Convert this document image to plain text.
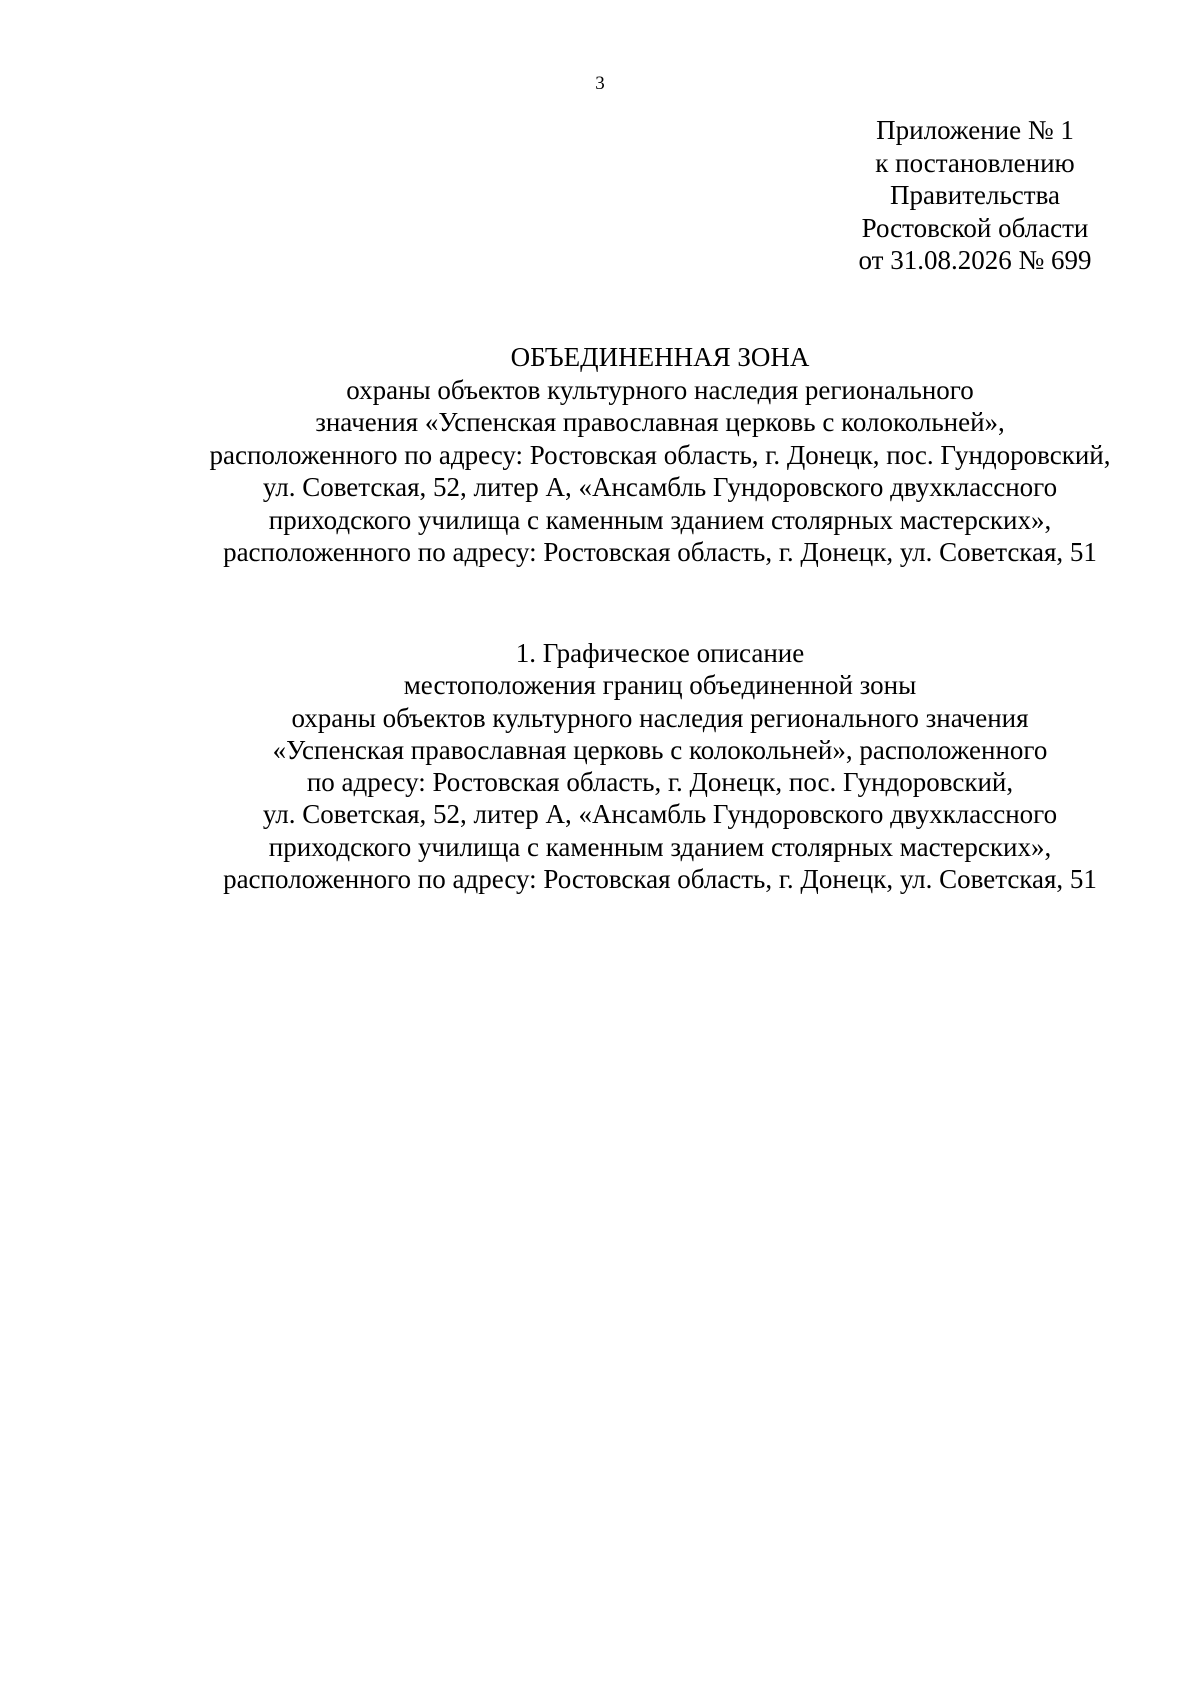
3
Приложение № 1
к постановлению
Правительства
Ростовской области
от 31.08.2026 № 699
ОБЪЕДИНЕННАЯ ЗОНА
охраны объектов культурного наследия регионального
значения «Успенская православная церковь с колокольней»,
расположенного по адресу: Ростовская область, г. Донецк, пос. Гундоровский,
ул. Советская, 52, литер А, «Ансамбль Гундоровского двухклассного
приходского училища с каменным зданием столярных мастерских»,
расположенного по адресу: Ростовская область, г. Донецк, ул. Советская, 51
1. Графическое описание
местоположения границ объединенной зоны
охраны объектов культурного наследия регионального значения
«Успенская православная церковь с колокольней», расположенного
по адресу: Ростовская область, г. Донецк, пос. Гундоровский,
ул. Советская, 52, литер А, «Ансамбль Гундоровского двухклассного
приходского училища с каменным зданием столярных мастерских»,
расположенного по адресу: Ростовская область, г. Донецк, ул. Советская, 51
